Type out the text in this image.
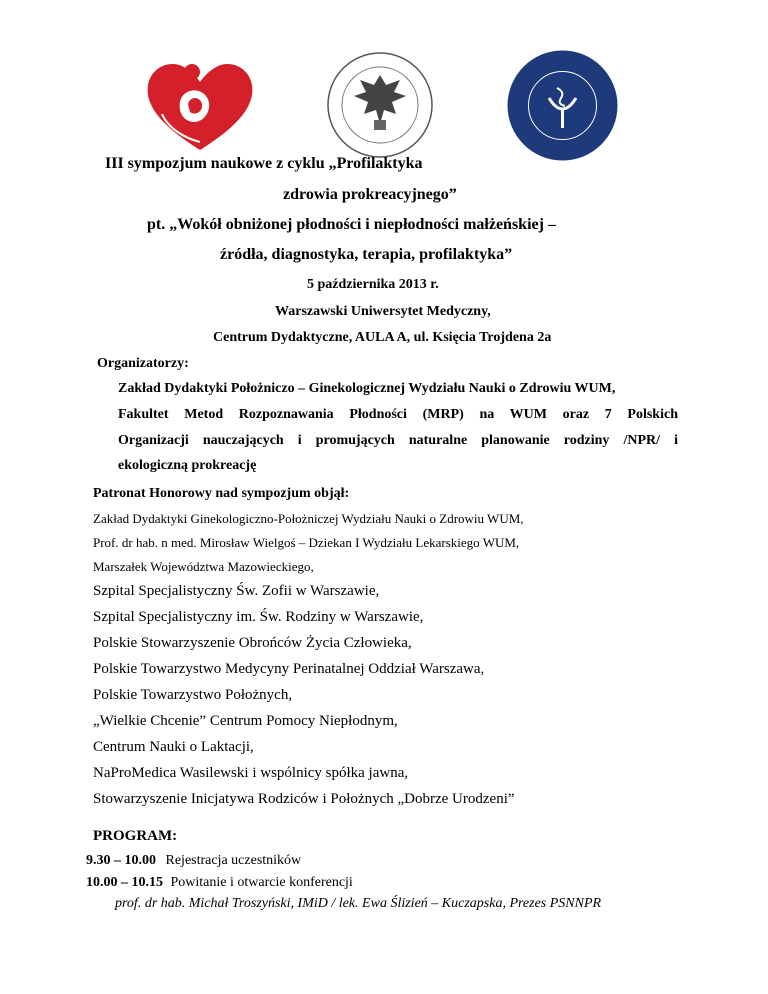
III sympozjum naukowe z cyklu „Profilaktyka
zdrowia prokreacyjnego”
pt. „Wokół obniżonej płodności i niepłodności małżeńskiej –
źródła, diagnostyka, terapia, profilaktyka”
5 października 2013 r.
Warszawski Uniwersytet Medyczny,
Centrum Dydaktyczne, AULA A, ul. Księcia Trojdena 2a
Organizatorzy:
Zakład Dydaktyki Położniczo – Ginekologicznej Wydziału Nauki o Zdrowiu WUM,
Fakultet Metod Rozpoznawania Płodności (MRP) na WUM oraz 7 Polskich
Organizacji nauczających i promujących naturalne planowanie rodziny /NPR/ i
ekologiczną prokreację
Patronat Honorowy nad sympozjum objął:
Zakład Dydaktyki Ginekologiczno-Położniczej Wydziału Nauki o Zdrowiu WUM,
Prof. dr hab. n med. Mirosław Wielgoś – Dziekan I Wydziału Lekarskiego WUM,
Marszałek Województwa Mazowieckiego,
Szpital Specjalistyczny Św. Zofii w Warszawie,
Szpital Specjalistyczny im. Św. Rodziny w Warszawie,
Polskie Stowarzyszenie Obrońców Życia Człowieka,
Polskie Towarzystwo Medycyny Perinatalnej Oddział Warszawa,
Polskie Towarzystwo Położnych,
„Wielkie Chcenie” Centrum Pomocy Niepłodnym,
Centrum Nauki o Laktacji,
NaProMedica Wasilewski i wspólnicy spółka jawna,
Stowarzyszenie Inicjatywa Rodziców i Położnych „Dobrze Urodzeni”
PROGRAM:
9.30 – 10.00 Rejestracja uczestników
10.00 – 10.15 Powitanie i otwarcie konferencji
prof. dr hab. Michał Troszyński, IMiD / lek. Ewa Ślizień – Kuczapska, Prezes PSNNPR
